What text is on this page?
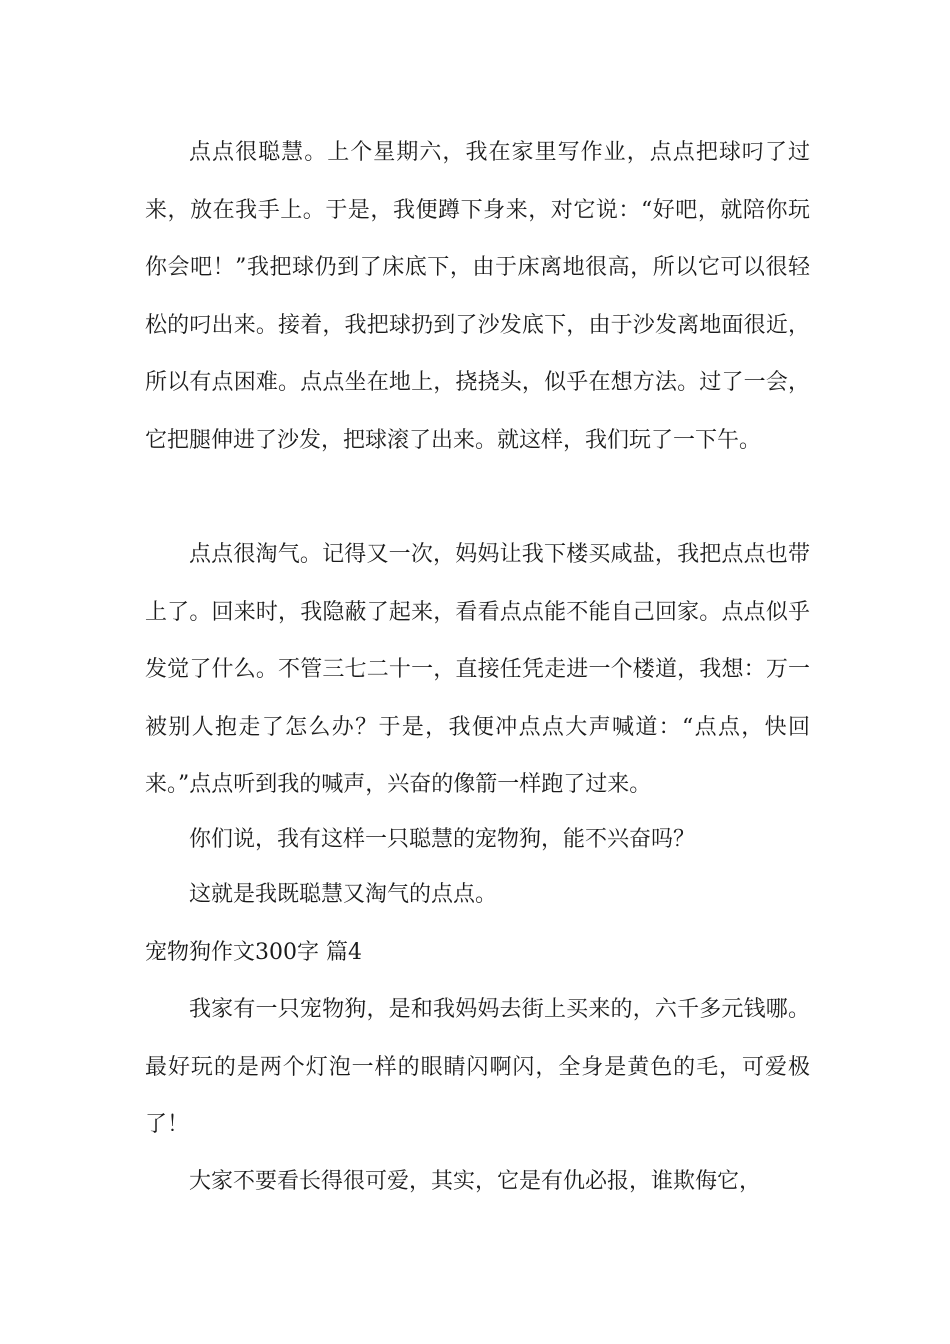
点点很聪慧。上个星期六，我在家里写作业，点点把球叼了过来，放在我手上。于是，我便蹲下身来，对它说：“好吧，就陪你玩你会吧！”我把球仍到了床底下，由于床离地很高，所以它可以很轻松的叼出来。接着，我把球扔到了沙发底下，由于沙发离地面很近，所以有点困难。点点坐在地上，挠挠头，似乎在想方法。过了一会，它把腿伸进了沙发，把球滚了出来。就这样，我们玩了一下午。

点点很淘气。记得又一次，妈妈让我下楼买咸盐，我把点点也带上了。回来时，我隐蔽了起来，看看点点能不能自己回家。点点似乎发觉了什么。不管三七二十一，直接任凭走进一个楼道，我想：万一被别人抱走了怎么办？于是，我便冲点点大声喊道：“点点，快回来。”点点听到我的喊声，兴奋的像箭一样跑了过来。

你们说，我有这样一只聪慧的宠物狗，能不兴奋吗？

这就是我既聪慧又淘气的点点。

宠物狗作文300字 篇4

我家有一只宠物狗，是和我妈妈去街上买来的，六千多元钱哪。最好玩的是两个灯泡一样的眼睛闪啊闪，全身是黄色的毛，可爱极了！

大家不要看长得很可爱，其实，它是有仇必报，谁欺侮它，
